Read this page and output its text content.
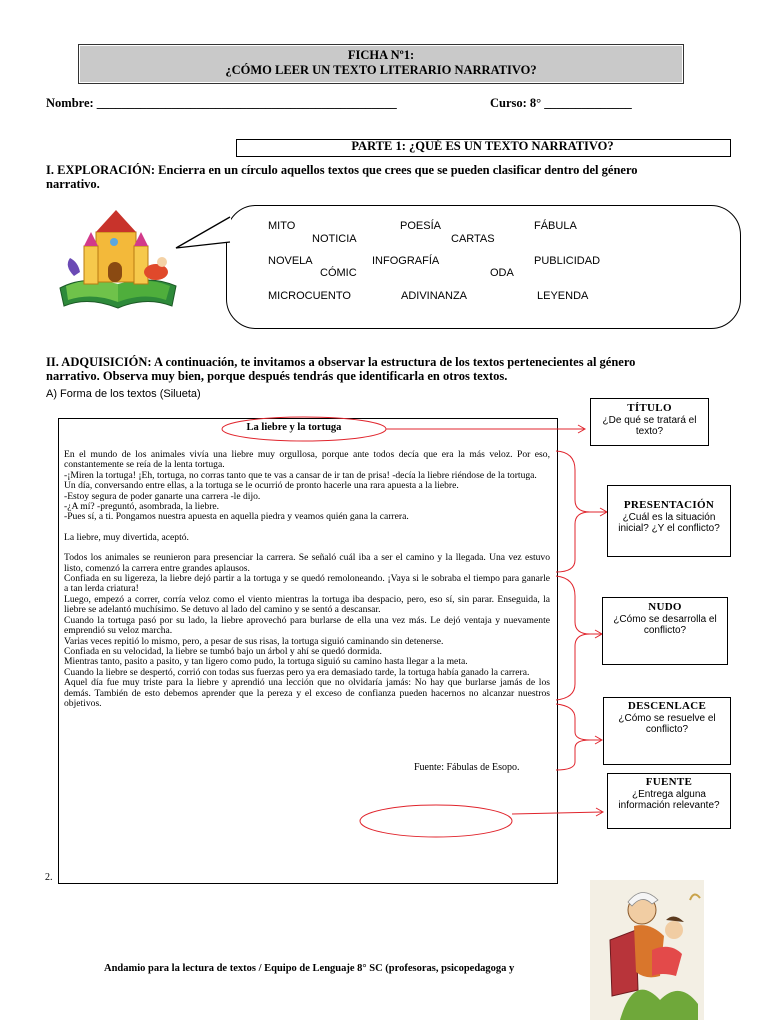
FICHA Nº1:
¿CÓMO LEER UN TEXTO LITERARIO NARRATIVO?
Nombre: ________________________________________________	Curso: 8° ______________
PARTE 1: ¿QUÉ ES UN TEXTO NARRATIVO?
I. EXPLORACIÓN: Encierra en un círculo aquellos textos que crees que se pueden clasificar dentro del género
narrativo.
MITO	POESÍA	FÁBULA
NOTICIA	CARTAS
NOVELA	INFOGRAFÍA	PUBLICIDAD
CÓMIC	ODA
MICROCUENTO	ADIVINANZA	LEYENDA
II. ADQUISICIÓN: A continuación, te invitamos a observar la estructura de los textos pertenecientes al género
narrativo. Observa muy bien, porque después tendrás que identificarla en otros textos.
A) Forma de los textos (Silueta)
La liebre y la tortuga

En el mundo de los animales vivía una liebre muy orgullosa, porque ante todos decía que era la más veloz. Por eso, constantemente se reía de la lenta tortuga.

-¡Miren la tortuga! ¡Eh, tortuga, no corras tanto que te vas a cansar de ir tan de prisa! -decía la liebre riéndose de la tortuga.

Un día, conversando entre ellas, a la tortuga se le ocurrió de pronto hacerle una rara apuesta a la liebre.

-Estoy segura de poder ganarte una carrera -le dijo.

-¿A mí? -preguntó, asombrada, la liebre.

-Pues sí, a ti. Pongamos nuestra apuesta en aquella piedra y veamos quién gana la carrera.

La liebre, muy divertida, aceptó.

Todos los animales se reunieron para presenciar la carrera. Se señaló cuál iba a ser el camino y la llegada. Una vez estuvo listo, comenzó la carrera entre grandes aplausos.

Confiada en su ligereza, la liebre dejó partir a la tortuga y se quedó remoloneando. ¡Vaya si le sobraba el tiempo para ganarle a tan lerda criatura!

Luego, empezó a correr, corría veloz como el viento mientras la tortuga iba despacio, pero, eso sí, sin parar. Enseguida, la liebre se adelantó muchísimo. Se detuvo al lado del camino y se sentó a descansar.

Cuando la tortuga pasó por su lado, la liebre aprovechó para burlarse de ella una vez más. Le dejó ventaja y nuevamente emprendió su veloz marcha.

Varias veces repitió lo mismo, pero, a pesar de sus risas, la tortuga siguió caminando sin detenerse.

Confiada en su velocidad, la liebre se tumbó bajo un árbol y ahí se quedó dormida.

Mientras tanto, pasito a pasito, y tan ligero como pudo, la tortuga siguió su camino hasta llegar a la meta.

Cuando la liebre se despertó, corrió con todas sus fuerzas pero ya era demasiado tarde, la tortuga había ganado la carrera.

Aquel día fue muy triste para la liebre y aprendió una lección que no olvidaría jamás: No hay que burlarse jamás de los demás. También de esto debemos aprender que la pereza y el exceso de confianza pueden hacernos no alcanzar nuestros objetivos.

Fuente: Fábulas de Esopo.
2.
TÍTULO
¿De qué se tratará el texto?
PRESENTACIÓN
¿Cuál es la situación inicial? ¿Y el conflicto?
NUDO
¿Cómo se desarrolla el conflicto?
DESCENLACE
¿Cómo se resuelve el conflicto?
FUENTE
¿Entrega alguna información relevante?
Andamio para la lectura de textos / Equipo de Lenguaje 8° SC (profesoras, psicopedagoga y
